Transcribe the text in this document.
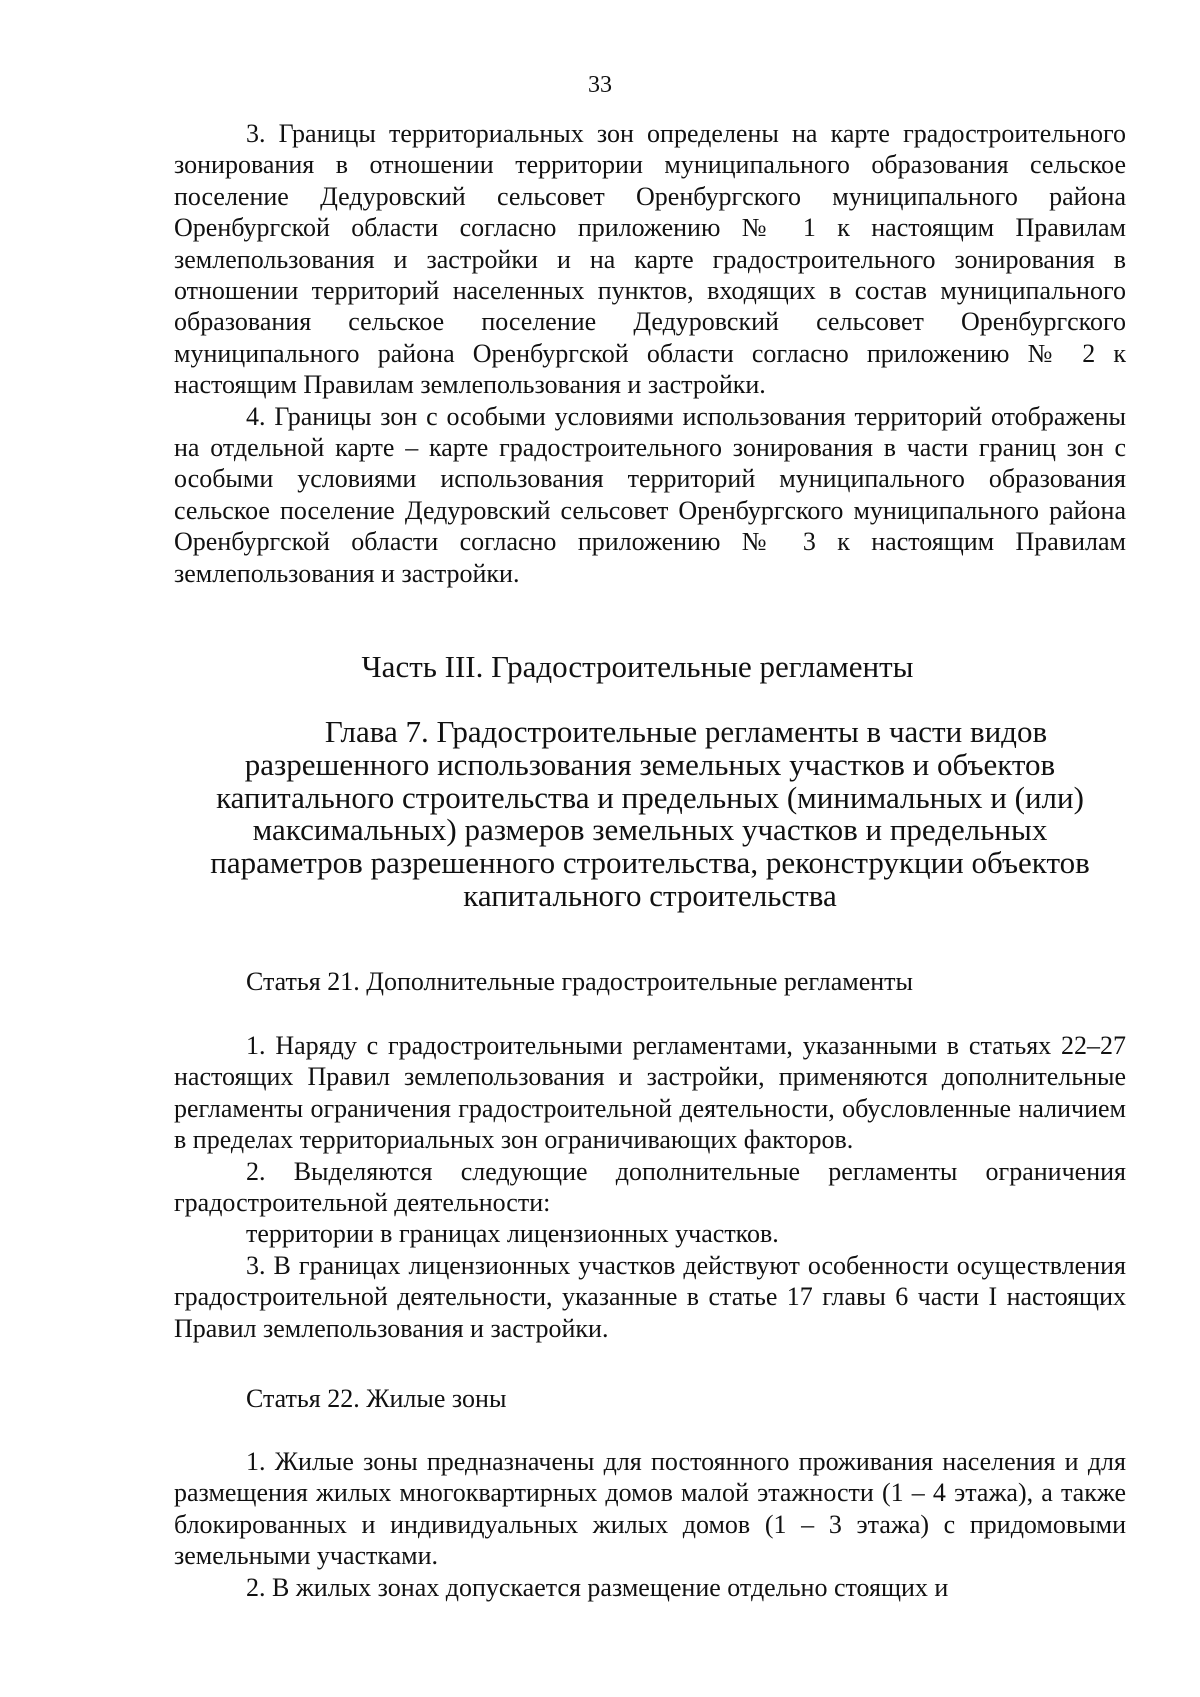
33

3. Границы территориальных зон определены на карте градостроительного зонирования в отношении территории муниципального образования сельское поселение Дедуровский сельсовет Оренбургского муниципального района Оренбургской области согласно приложению № 1 к настоящим Правилам землепользования и застройки и на карте градостроительного зонирования в отношении территорий населенных пунктов, входящих в состав муниципального образования сельское поселение Дедуровский сельсовет Оренбургского муниципального района Оренбургской области согласно приложению № 2 к настоящим Правилам землепользования и застройки.

4. Границы зон с особыми условиями использования территорий отображены на отдельной карте – карте градостроительного зонирования в части границ зон с особыми условиями использования территорий муниципального образования сельское поселение Дедуровский сельсовет Оренбургского муниципального района Оренбургской области согласно приложению № 3 к настоящим Правилам землепользования и застройки.

Часть III. Градостроительные регламенты
Глава 7. Градостроительные регламенты в части видов разрешенного использования земельных участков и объектов капитального строительства и предельных (минимальных и (или) максимальных) размеров земельных участков и предельных параметров разрешенного строительства, реконструкции объектов капитального строительства
Статья 21. Дополнительные градостроительные регламенты

1. Наряду с градостроительными регламентами, указанными в статьях 22–27 настоящих Правил землепользования и застройки, применяются дополнительные регламенты ограничения градостроительной деятельности, обусловленные наличием в пределах территориальных зон ограничивающих факторов.

2. Выделяются следующие дополнительные регламенты ограничения градостроительной деятельности:

территории в границах лицензионных участков.

3. В границах лицензионных участков действуют особенности осуществления градостроительной деятельности, указанные в статье 17 главы 6 части I настоящих Правил землепользования и застройки.

Статья 22. Жилые зоны

1. Жилые зоны предназначены для постоянного проживания населения и для размещения жилых многоквартирных домов малой этажности (1 – 4 этажа), а также блокированных и индивидуальных жилых домов (1 – 3 этажа) с придомовыми земельными участками.

2. В жилых зонах допускается размещение отдельно стоящих и
